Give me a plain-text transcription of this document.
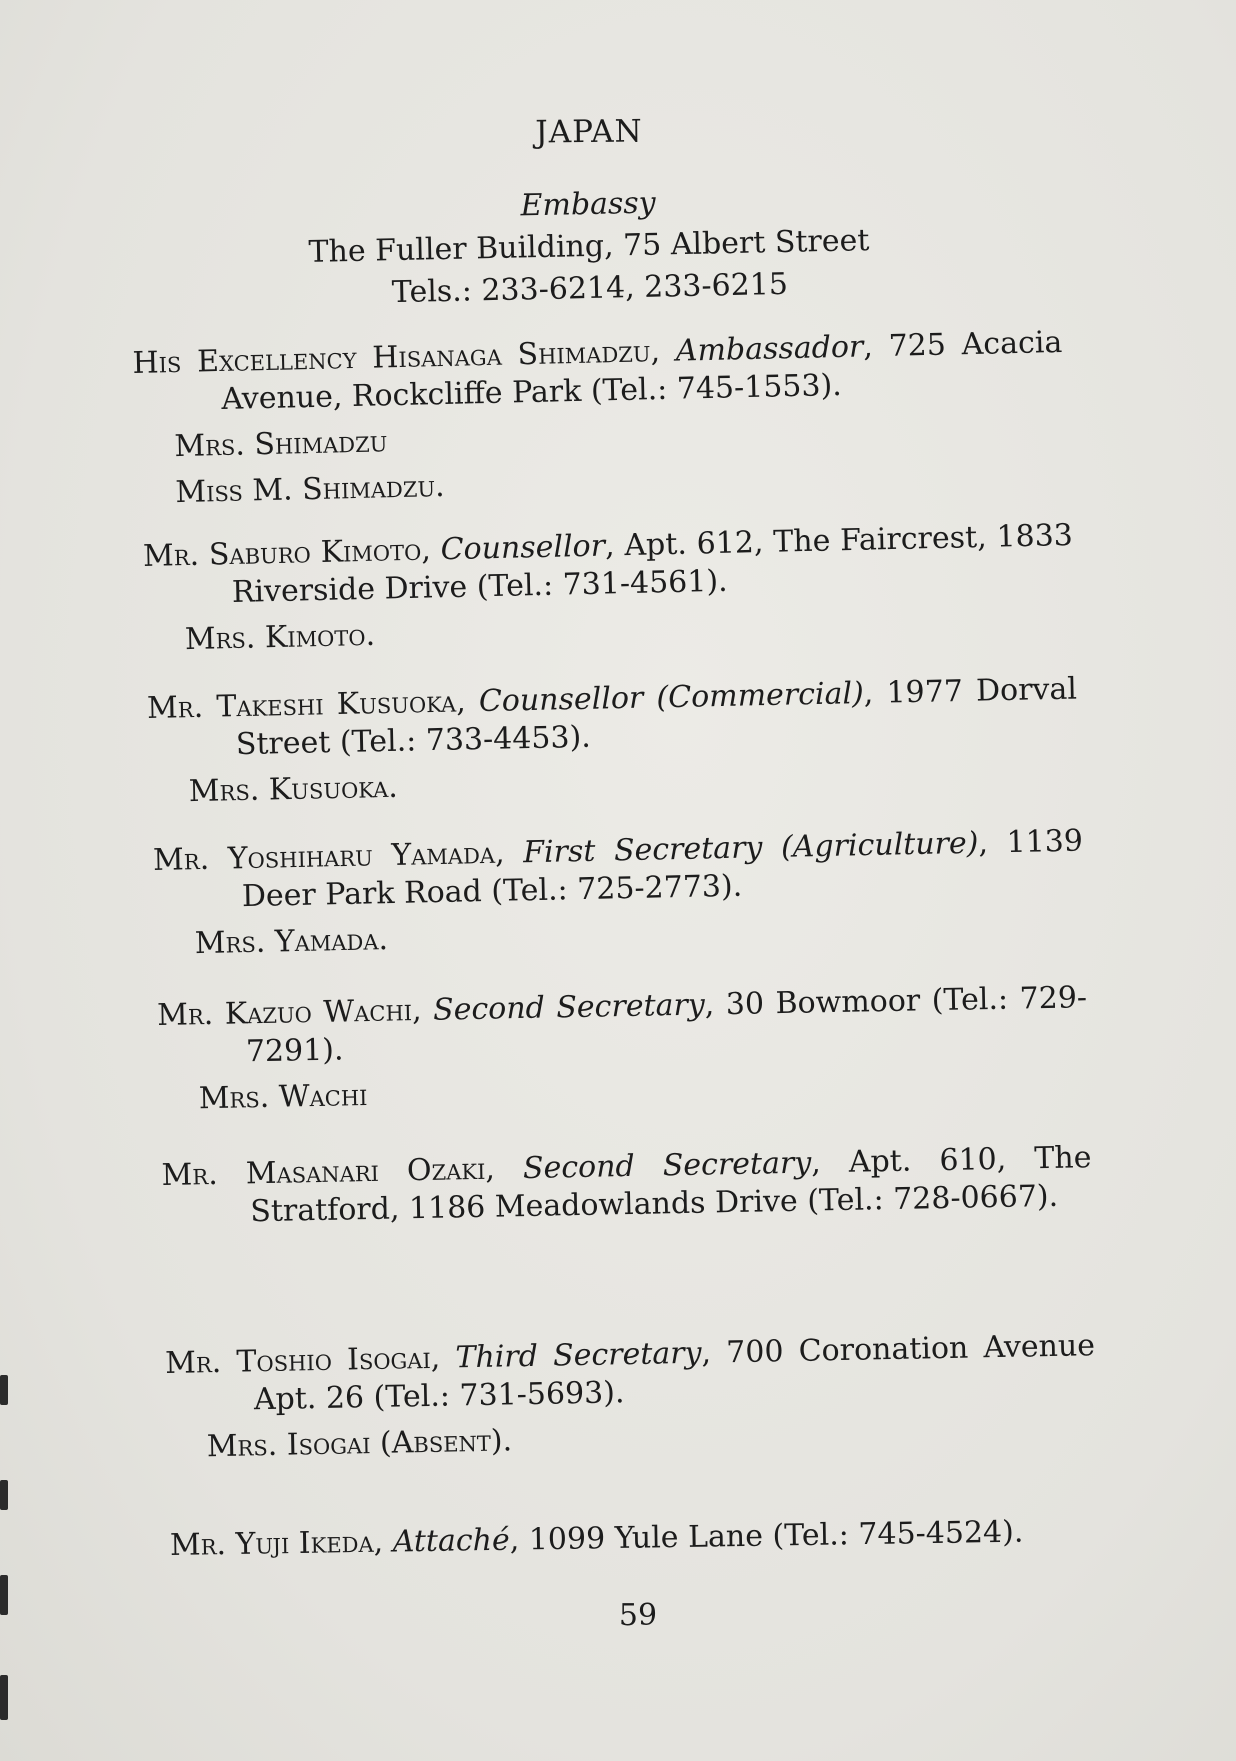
JAPAN
Embassy
The Fuller Building, 75 Albert Street
Tels.: 233-6214, 233-6215
His Excellency Hisanaga Shimadzu, Ambassador, 725 Acacia Avenue, Rockcliffe Park (Tel.: 745-1553).
Mrs. Shimadzu
Miss M. Shimadzu.
Mr. Saburo Kimoto, Counsellor, Apt. 612, The Faircrest, 1833 Riverside Drive (Tel.: 731-4561).
Mrs. Kimoto.
Mr. Takeshi Kusuoka, Counsellor (Commercial), 1977 Dorval Street (Tel.: 733-4453).
Mrs. Kusuoka.
Mr. Yoshiharu Yamada, First Secretary (Agriculture), 1139 Deer Park Road (Tel.: 725-2773).
Mrs. Yamada.
Mr. Kazuo Wachi, Second Secretary, 30 Bowmoor (Tel.: 729-7291).
Mrs. Wachi
Mr. Masanari Ozaki, Second Secretary, Apt. 610, The Stratford, 1186 Meadowlands Drive (Tel.: 728-0667).
Mr. Toshio Isogai, Third Secretary, 700 Coronation Avenue Apt. 26 (Tel.: 731-5693).
Mrs. Isogai (Absent).
Mr. Yuji Ikeda, Attaché, 1099 Yule Lane (Tel.: 745-4524).
59
